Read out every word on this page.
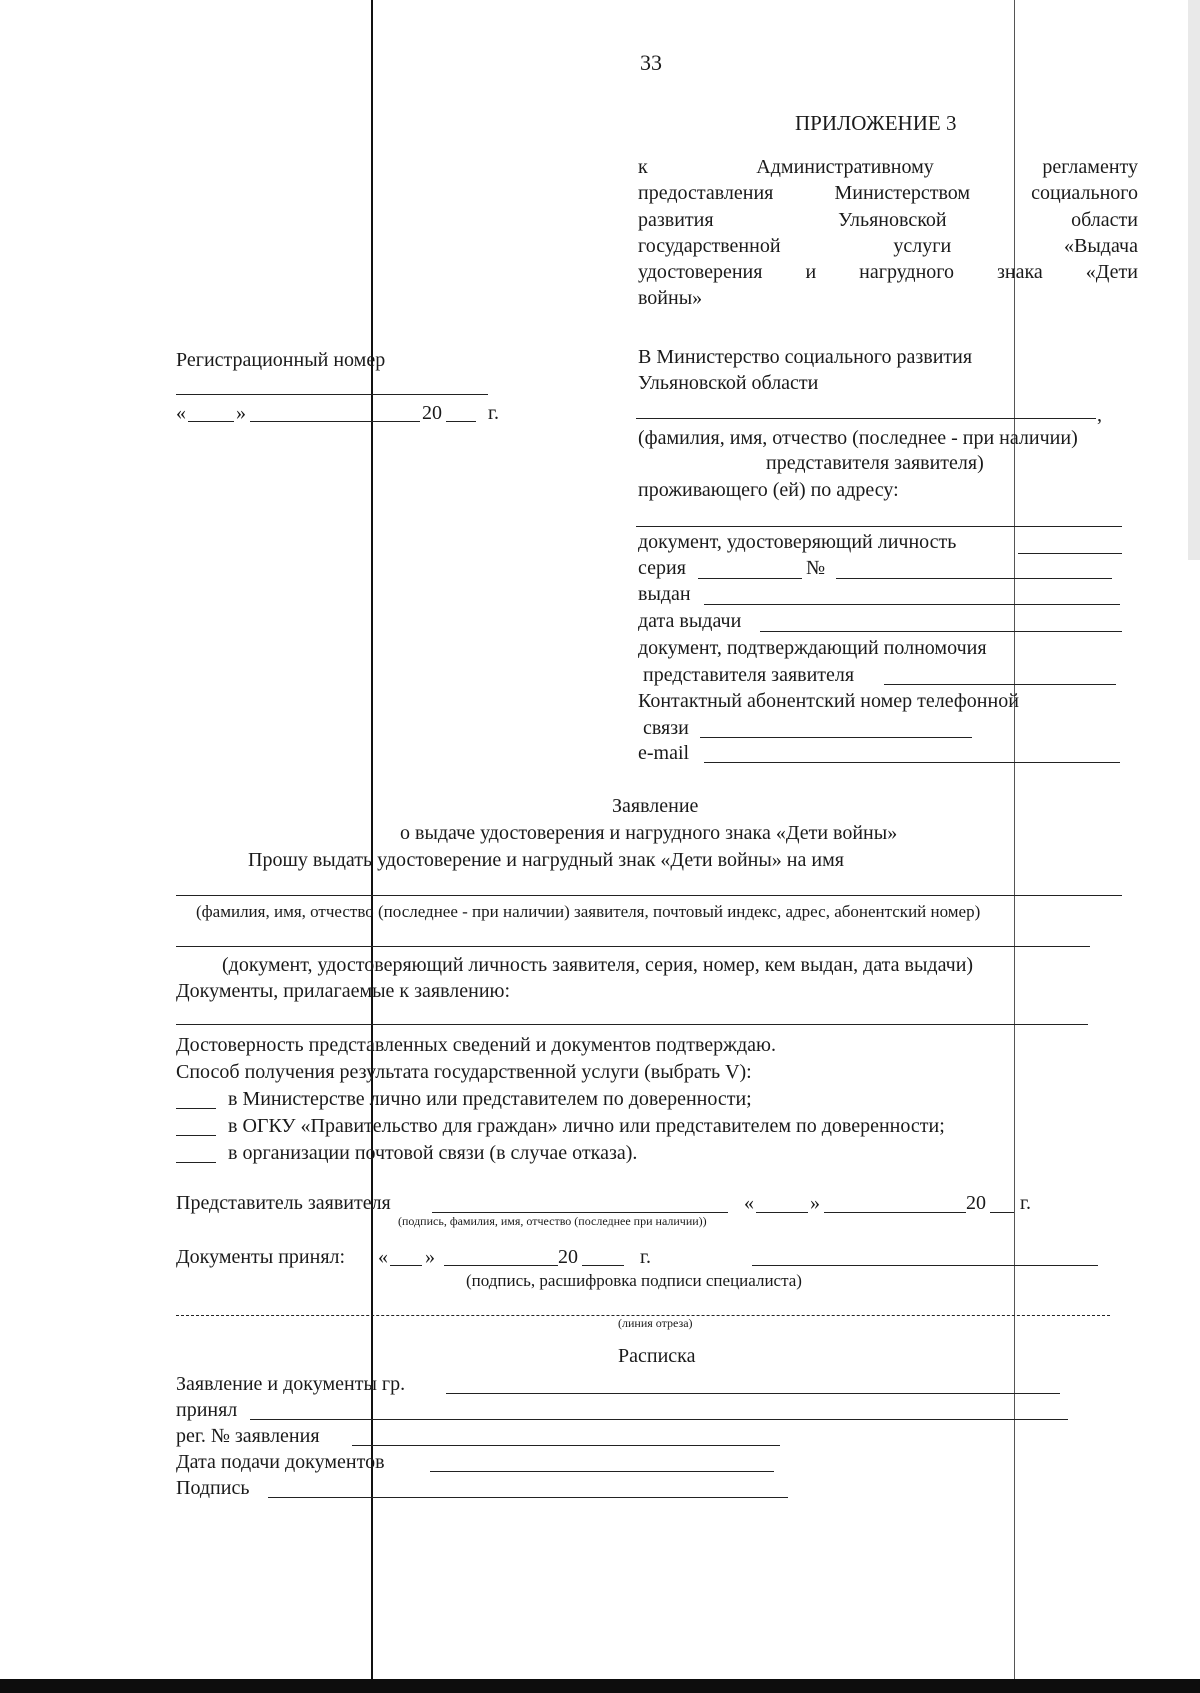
33
ПРИЛОЖЕНИЕ 3
к	Административному	регламенту
предоставления	Министерством	социального
развития	Ульяновской	области
государственной	услуги	«Выдача
удостоверения и нагрудного знака «Дети
войны»
Регистрационный номер
«	»	20 г.
В Министерство социального развития
Ульяновской области
,
(фамилия, имя, отчество (последнее - при наличии)
представителя заявителя)
проживающего (ей) по адресу:
документ, удостоверяющий личность
серия	№
выдан
дата выдачи
документ, подтверждающий полномочия
представителя заявителя
Контактный абонентский номер телефонной
связи
e-mail
Заявление
о выдаче удостоверения и нагрудного знака «Дети войны»
Прошу выдать удостоверение и нагрудный знак «Дети войны» на имя
(фамилия, имя, отчество (последнее - при наличии) заявителя, почтовый индекс, адрес, абонентский номер)
(документ, удостоверяющий личность заявителя, серия, номер, кем выдан, дата выдачи)
Документы, прилагаемые к заявлению:
Достоверность представленных сведений и документов подтверждаю.
Способ получения результата государственной услуги (выбрать V):
в Министерстве лично или представителем по доверенности;
в ОГКУ «Правительство для граждан» лично или представителем по доверенности;
в организации почтовой связи (в случае отказа).
Представитель заявителя
(подпись, фамилия, имя, отчество (последнее при наличии))
«	»	20 г.
Документы принял: « »	20	г.
(подпись, расшифровка подписи специалиста)
(линия отреза)
Расписка
Заявление и документы гр.
принял
рег. № заявления
Дата подачи документов
Подпись
